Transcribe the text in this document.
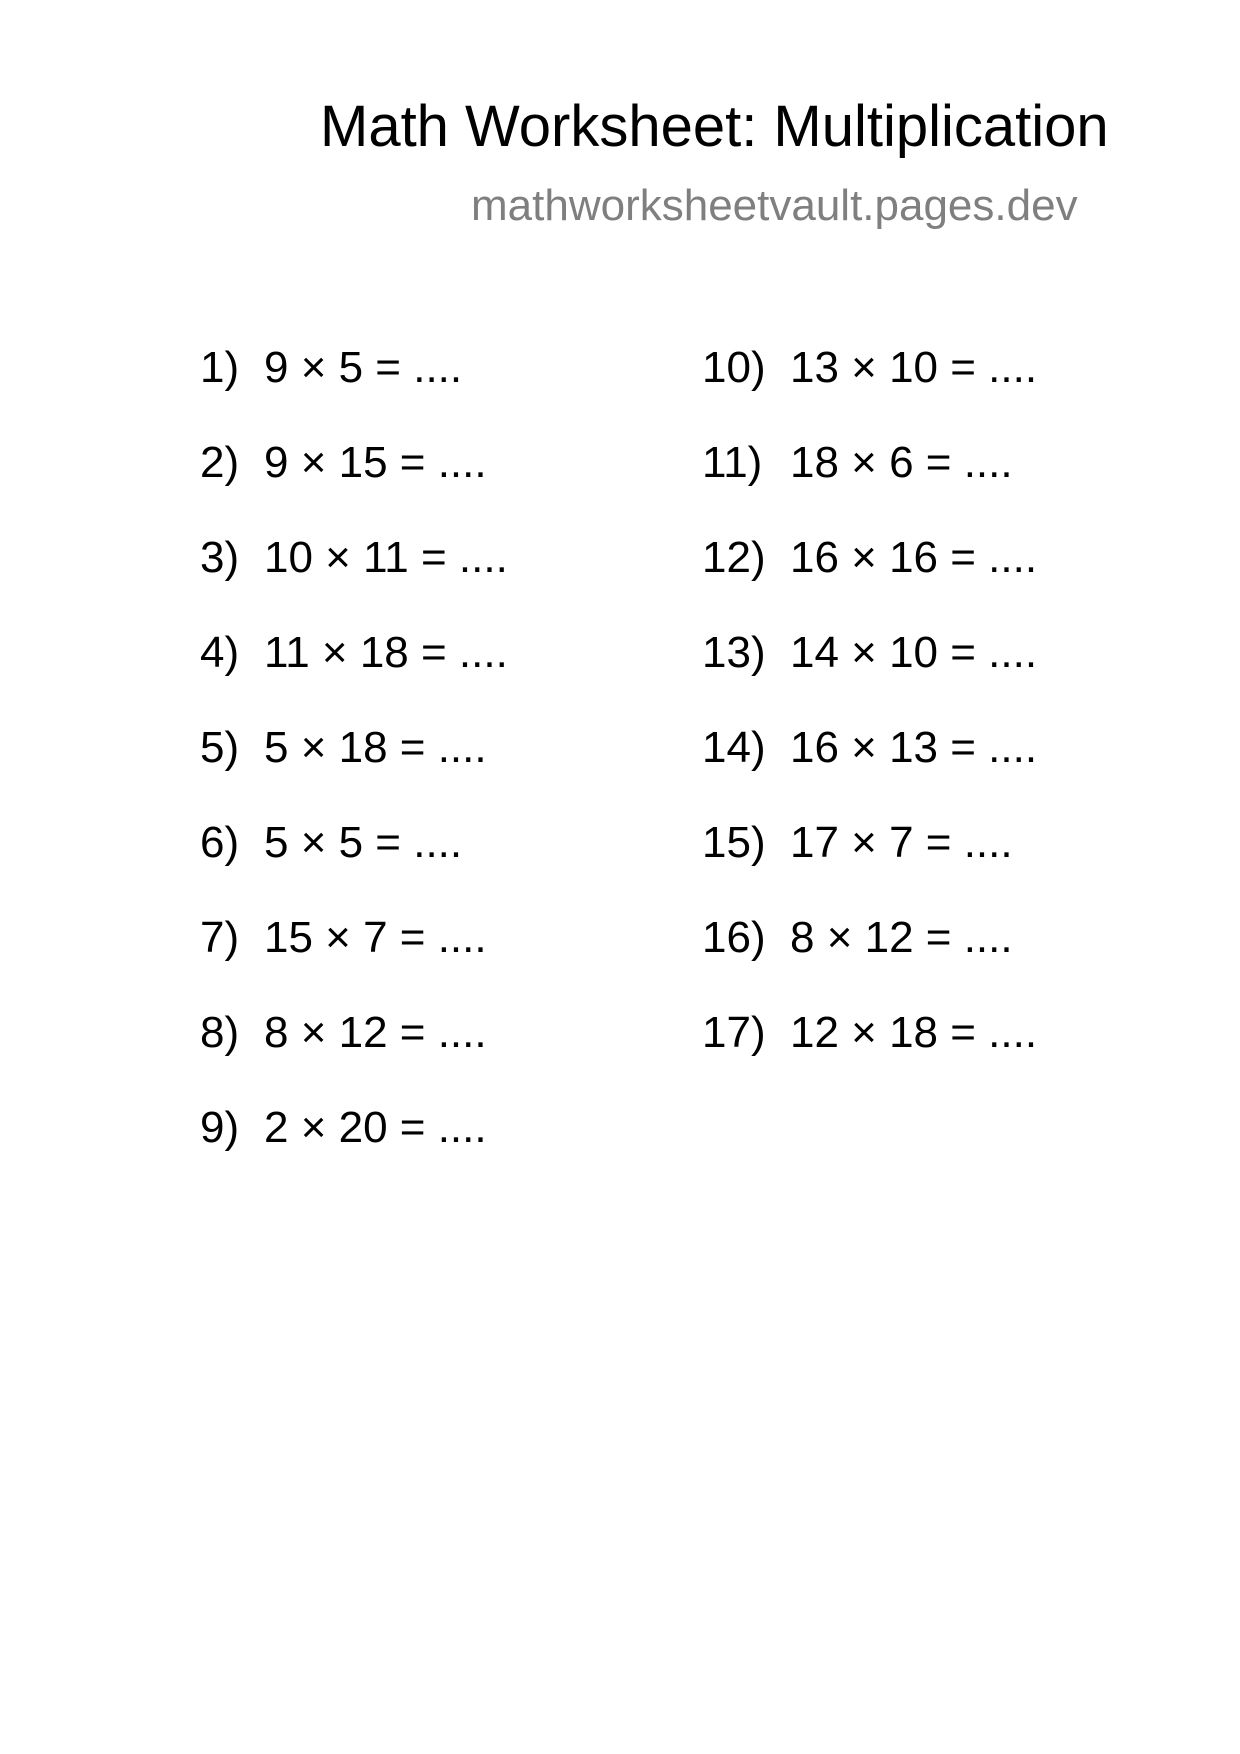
Math Worksheet: Multiplication
mathworksheetvault.pages.dev
1) 9 × 5 = ....
2) 9 × 15 = ....
3) 10 × 11 = ....
4) 11 × 18 = ....
5) 5 × 18 = ....
6) 5 × 5 = ....
7) 15 × 7 = ....
8) 8 × 12 = ....
9) 2 × 20 = ....
10) 13 × 10 = ....
11) 18 × 6 = ....
12) 16 × 16 = ....
13) 14 × 10 = ....
14) 16 × 13 = ....
15) 17 × 7 = ....
16) 8 × 12 = ....
17) 12 × 18 = ....
